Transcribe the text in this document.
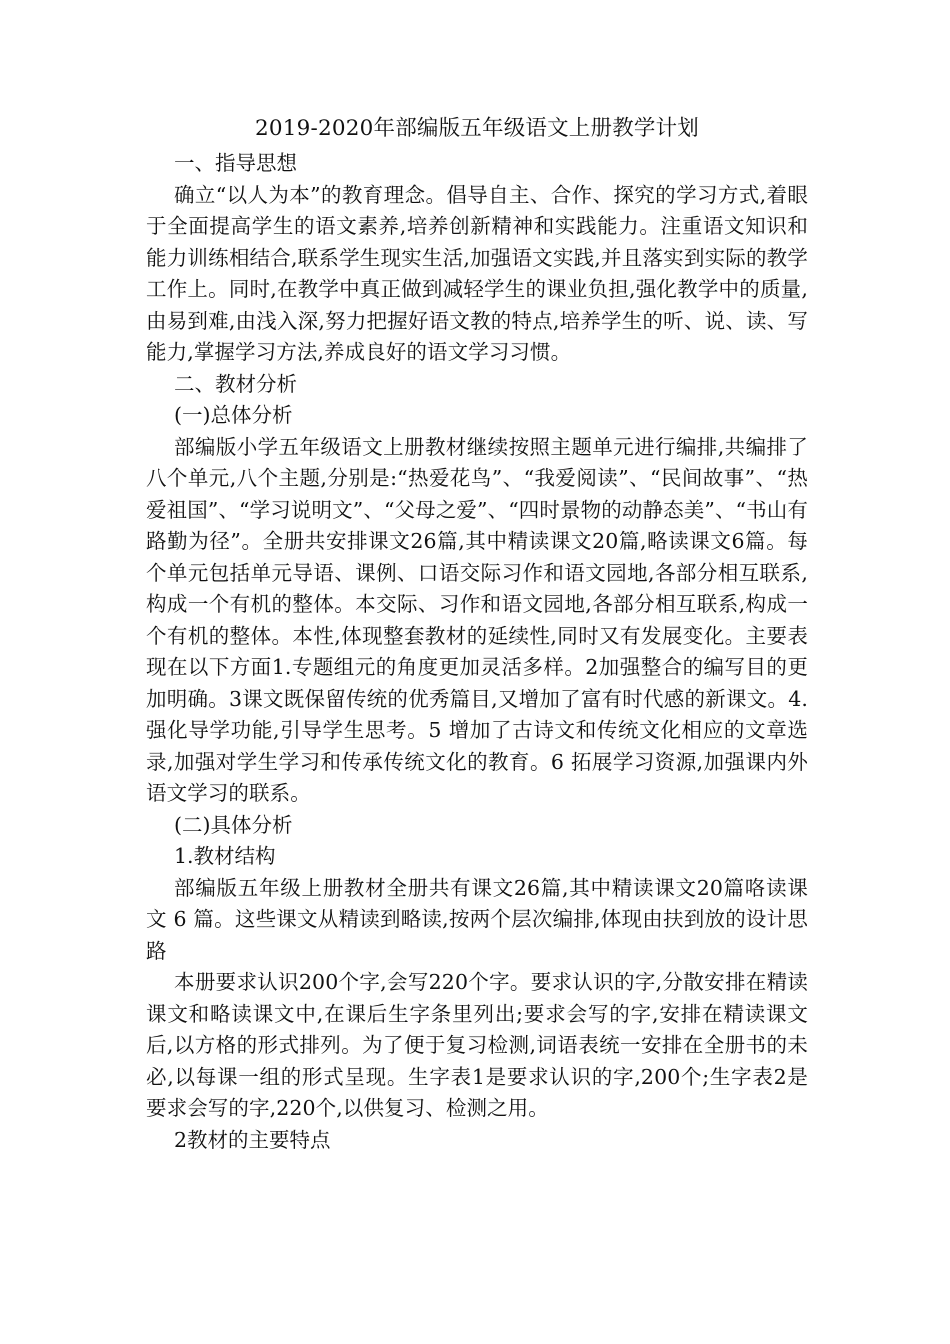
2019-2020年部编版五年级语文上册教学计划

一、指导思想

确立“以人为本”的教育理念。倡导自主、合作、探究的学习方式,着眼于全面提高学生的语文素养,培养创新精神和实践能力。注重语文知识和能力训练相结合,联系学生现实生活,加强语文实践,并且落实到实际的教学工作上。同时,在教学中真正做到减轻学生的课业负担,强化教学中的质量,由易到难,由浅入深,努力把握好语文教的特点,培养学生的听、说、读、写能力,掌握学习方法,养成良好的语文学习习惯。

二、教材分析

(一)总体分析

部编版小学五年级语文上册教材继续按照主题单元进行编排,共编排了八个单元,八个主题,分别是:“热爱花鸟”、“我爱阅读”、“民间故事”、“热爱祖国”、“学习说明文”、“父母之爱”、“四时景物的动静态美”、“书山有路勤为径”。全册共安排课文26篇,其中精读课文20篇,略读课文6篇。每个单元包括单元导语、课例、口语交际习作和语文园地,各部分相互联系,构成一个有机的整体。本交际、习作和语文园地,各部分相互联系,构成一个有机的整体。本性,体现整套教材的延续性,同时又有发展变化。主要表现在以下方面1.专题组元的角度更加灵活多样。2加强整合的编写目的更加明确。3课文既保留传统的优秀篇目,又增加了富有时代感的新课文。4.强化导学功能,引导学生思考。5 增加了古诗文和传统文化相应的文章选录,加强对学生学习和传承传统文化的教育。6 拓展学习资源,加强课内外语文学习的联系。

(二)具体分析

1.教材结构

部编版五年级上册教材全册共有课文26篇,其中精读课文20篇咯读课文 6 篇。这些课文从精读到略读,按两个层次编排,体现由扶到放的设计思路

本册要求认识200个字,会写220个字。要求认识的字,分散安排在精读课文和略读课文中,在课后生字条里列出;要求会写的字,安排在精读课文后,以方格的形式排列。为了便于复习检测,词语表统一安排在全册书的未必,以每课一组的形式呈现。生字表1是要求认识的字,200个;生字表2是要求会写的字,220个,以供复习、检测之用。

2教材的主要特点
